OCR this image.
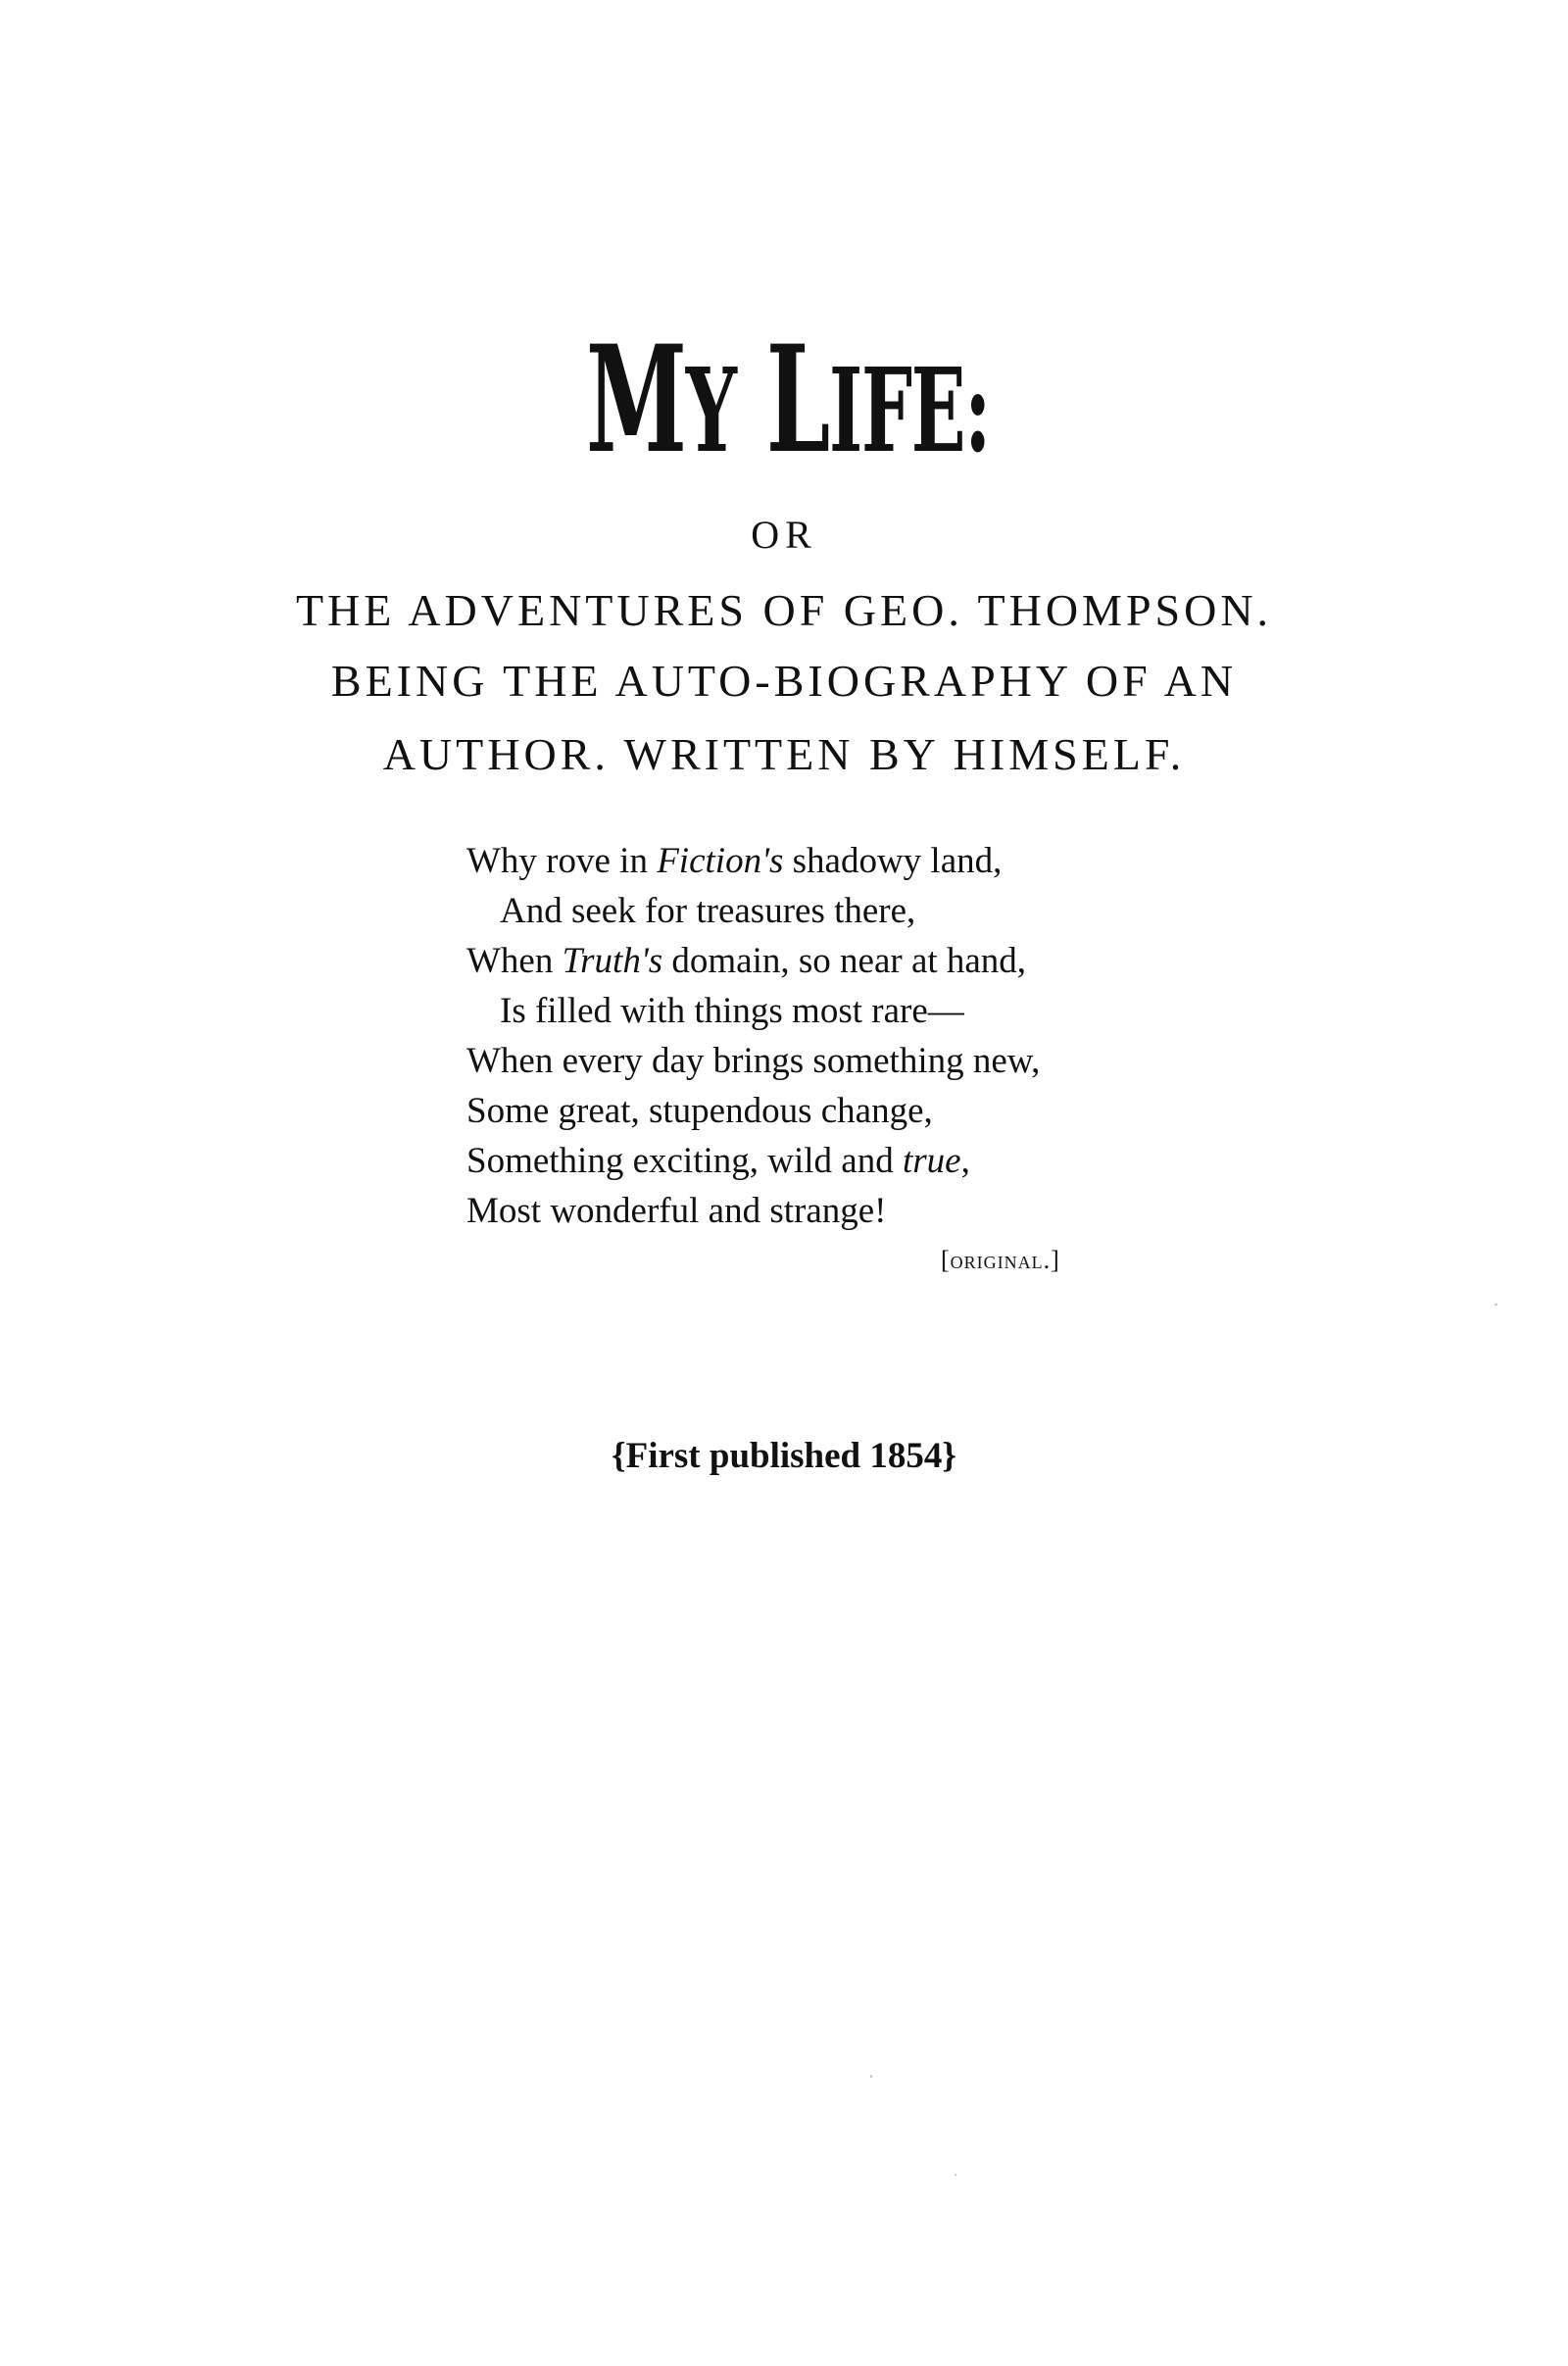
MY LIFE:
OR
THE ADVENTURES OF GEO. THOMPSON.
BEING THE AUTO-BIOGRAPHY OF AN
AUTHOR. WRITTEN BY HIMSELF.
Why rove in Fiction's shadowy land,
And seek for treasures there,
When Truth's domain, so near at hand,
Is filled with things most rare—
When every day brings something new,
Some great, stupendous change,
Something exciting, wild and true,
Most wonderful and strange!
[original.]
{First published 1854}
